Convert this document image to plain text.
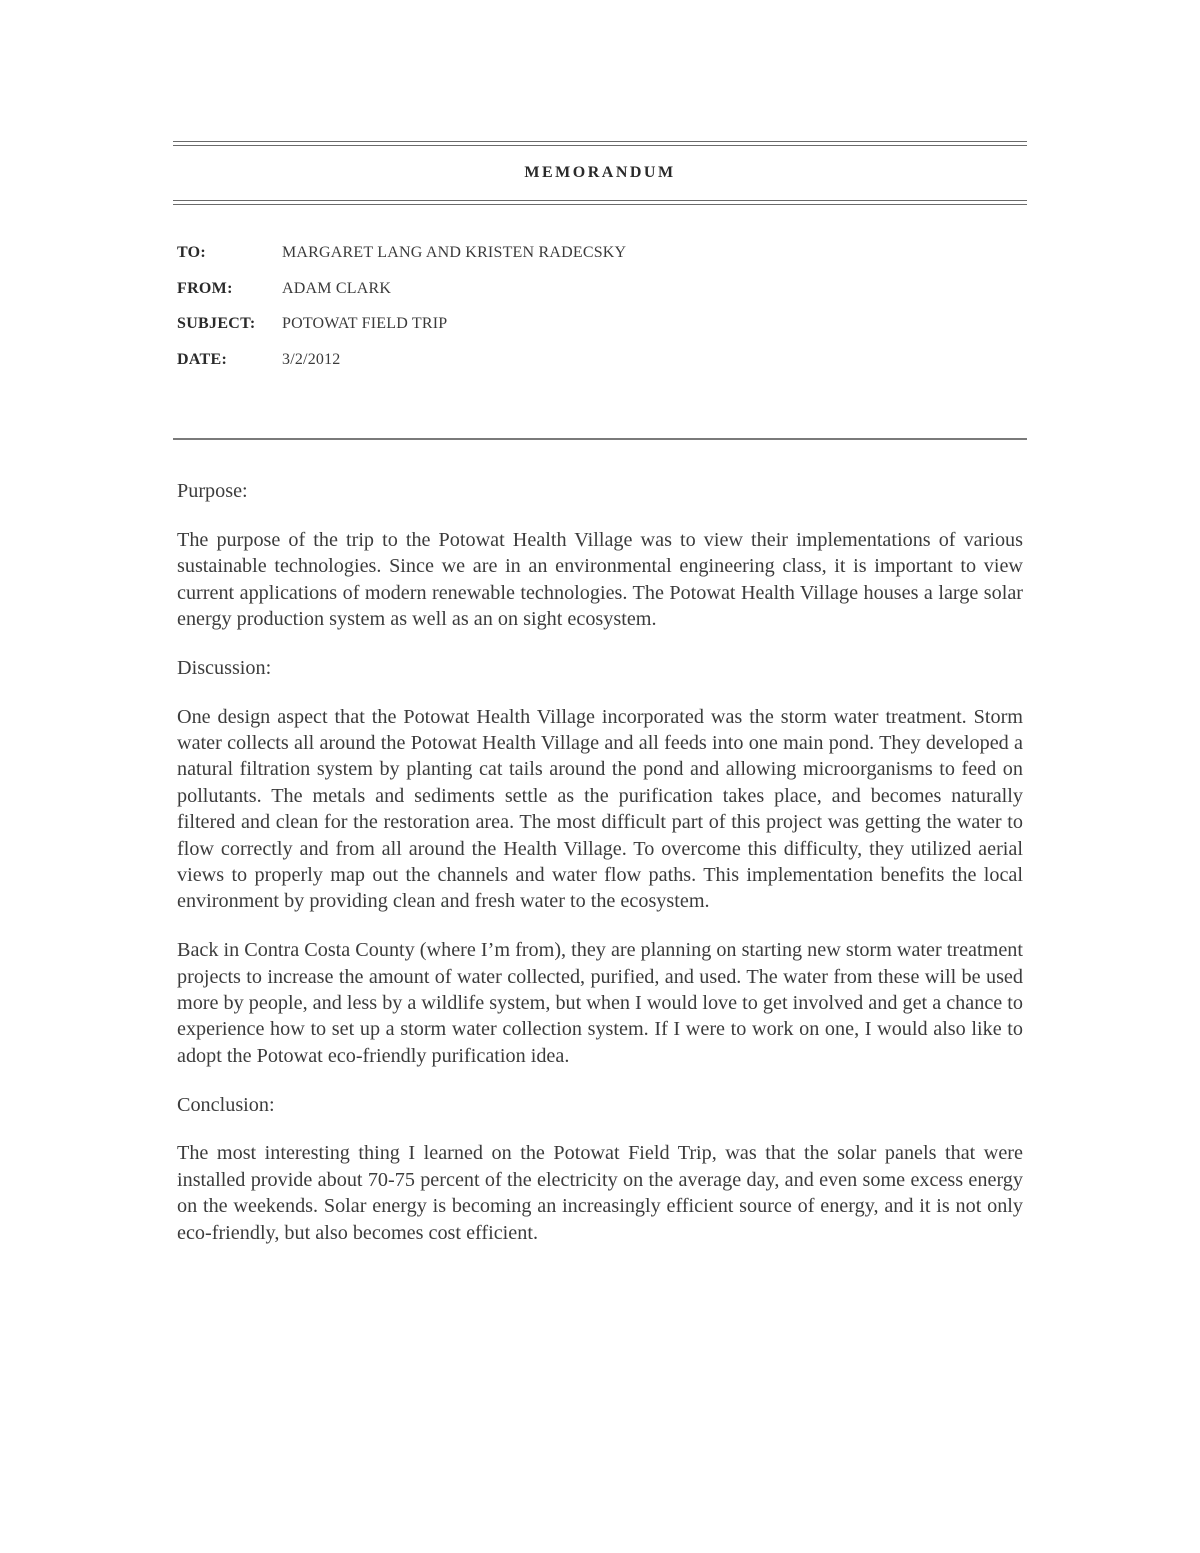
MEMORANDUM
TO:	MARGARET LANG AND KRISTEN RADECSKY
FROM:	ADAM CLARK
SUBJECT:	POTOWAT FIELD TRIP
DATE:	3/2/2012

Purpose:

The purpose of the trip to the Potowat Health Village was to view their implementations of various sustainable technologies. Since we are in an environmental engineering class, it is important to view current applications of modern renewable technologies. The Potowat Health Village houses a large solar energy production system as well as an on sight ecosystem.

Discussion:

One design aspect that the Potowat Health Village incorporated was the storm water treatment. Storm water collects all around the Potowat Health Village and all feeds into one main pond. They developed a natural filtration system by planting cat tails around the pond and allowing microorganisms to feed on pollutants. The metals and sediments settle as the purification takes place, and becomes naturally filtered and clean for the restoration area. The most difficult part of this project was getting the water to flow correctly and from all around the Health Village. To overcome this difficulty, they utilized aerial views to properly map out the channels and water flow paths. This implementation benefits the local environment by providing clean and fresh water to the ecosystem.

Back in Contra Costa County (where I’m from), they are planning on starting new storm water treatment projects to increase the amount of water collected, purified, and used. The water from these will be used more by people, and less by a wildlife system, but when I would love to get involved and get a chance to experience how to set up a storm water collection system. If I were to work on one, I would also like to adopt the Potowat eco-friendly purification idea.

Conclusion:

The most interesting thing I learned on the Potowat Field Trip, was that the solar panels that were installed provide about 70-75 percent of the electricity on the average day, and even some excess energy on the weekends. Solar energy is becoming an increasingly efficient source of energy, and it is not only eco-friendly, but also becomes cost efficient.
